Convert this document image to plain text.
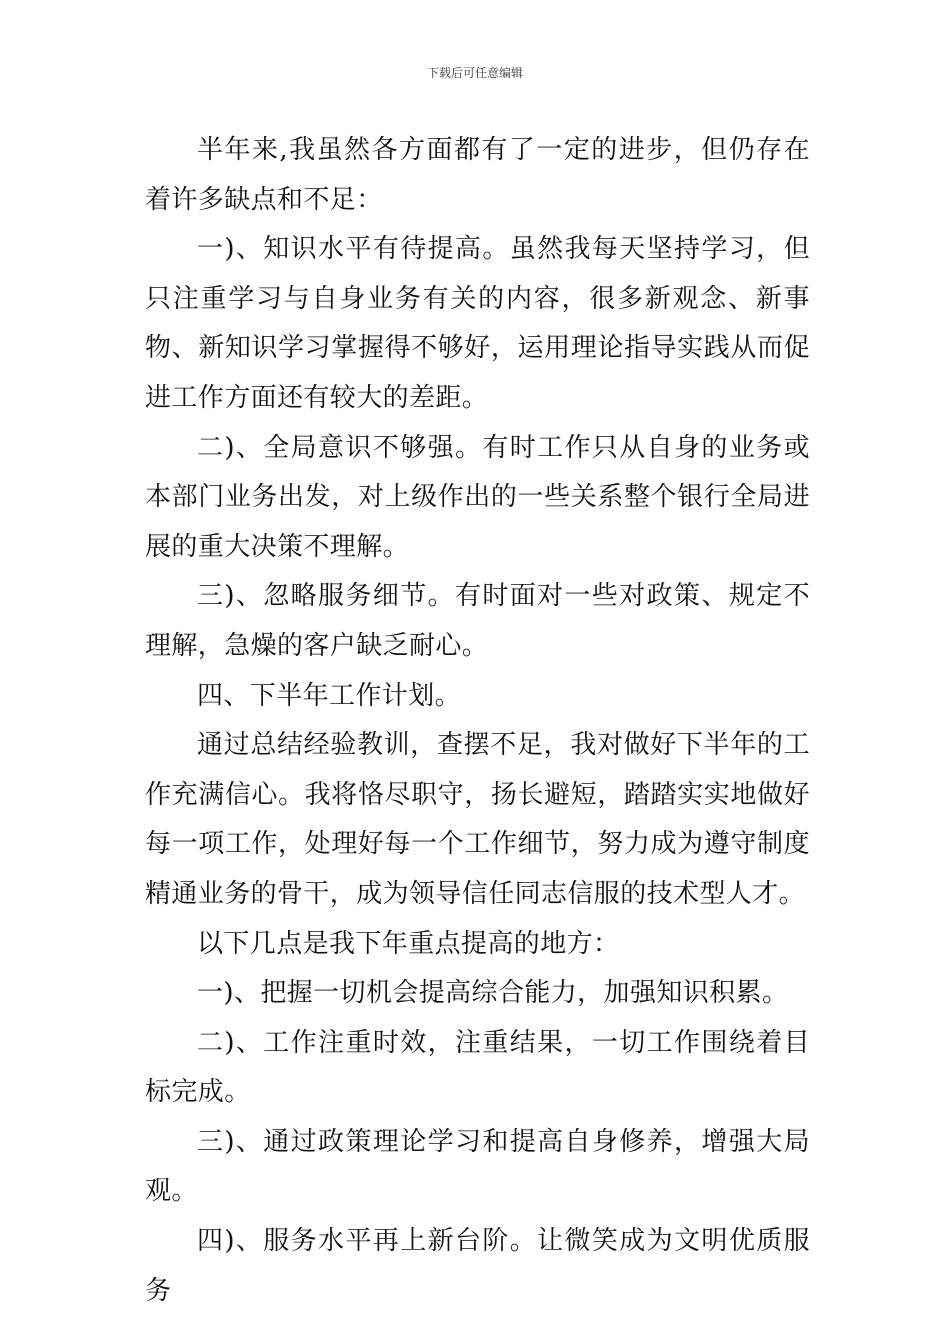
下载后可任意编辑

半年来,我虽然各方面都有了一定的进步，但仍存在着许多缺点和不足：

一)、知识水平有待提高。虽然我每天坚持学习，但只注重学习与自身业务有关的内容，很多新观念、新事物、新知识学习掌握得不够好，运用理论指导实践从而促进工作方面还有较大的差距。

二)、全局意识不够强。有时工作只从自身的业务或本部门业务出发，对上级作出的一些关系整个银行全局进展的重大决策不理解。

三)、忽略服务细节。有时面对一些对政策、规定不理解，急燥的客户缺乏耐心。

四、下半年工作计划。

通过总结经验教训，查摆不足，我对做好下半年的工作充满信心。我将恪尽职守，扬长避短，踏踏实实地做好每一项工作，处理好每一个工作细节，努力成为遵守制度精通业务的骨干，成为领导信任同志信服的技术型人才。

以下几点是我下年重点提高的地方：

一)、把握一切机会提高综合能力，加强知识积累。

二)、工作注重时效，注重结果，一切工作围绕着目标完成。

三)、通过政策理论学习和提高自身修养，增强大局观。

四)、服务水平再上新台阶。让微笑成为文明优质服务
